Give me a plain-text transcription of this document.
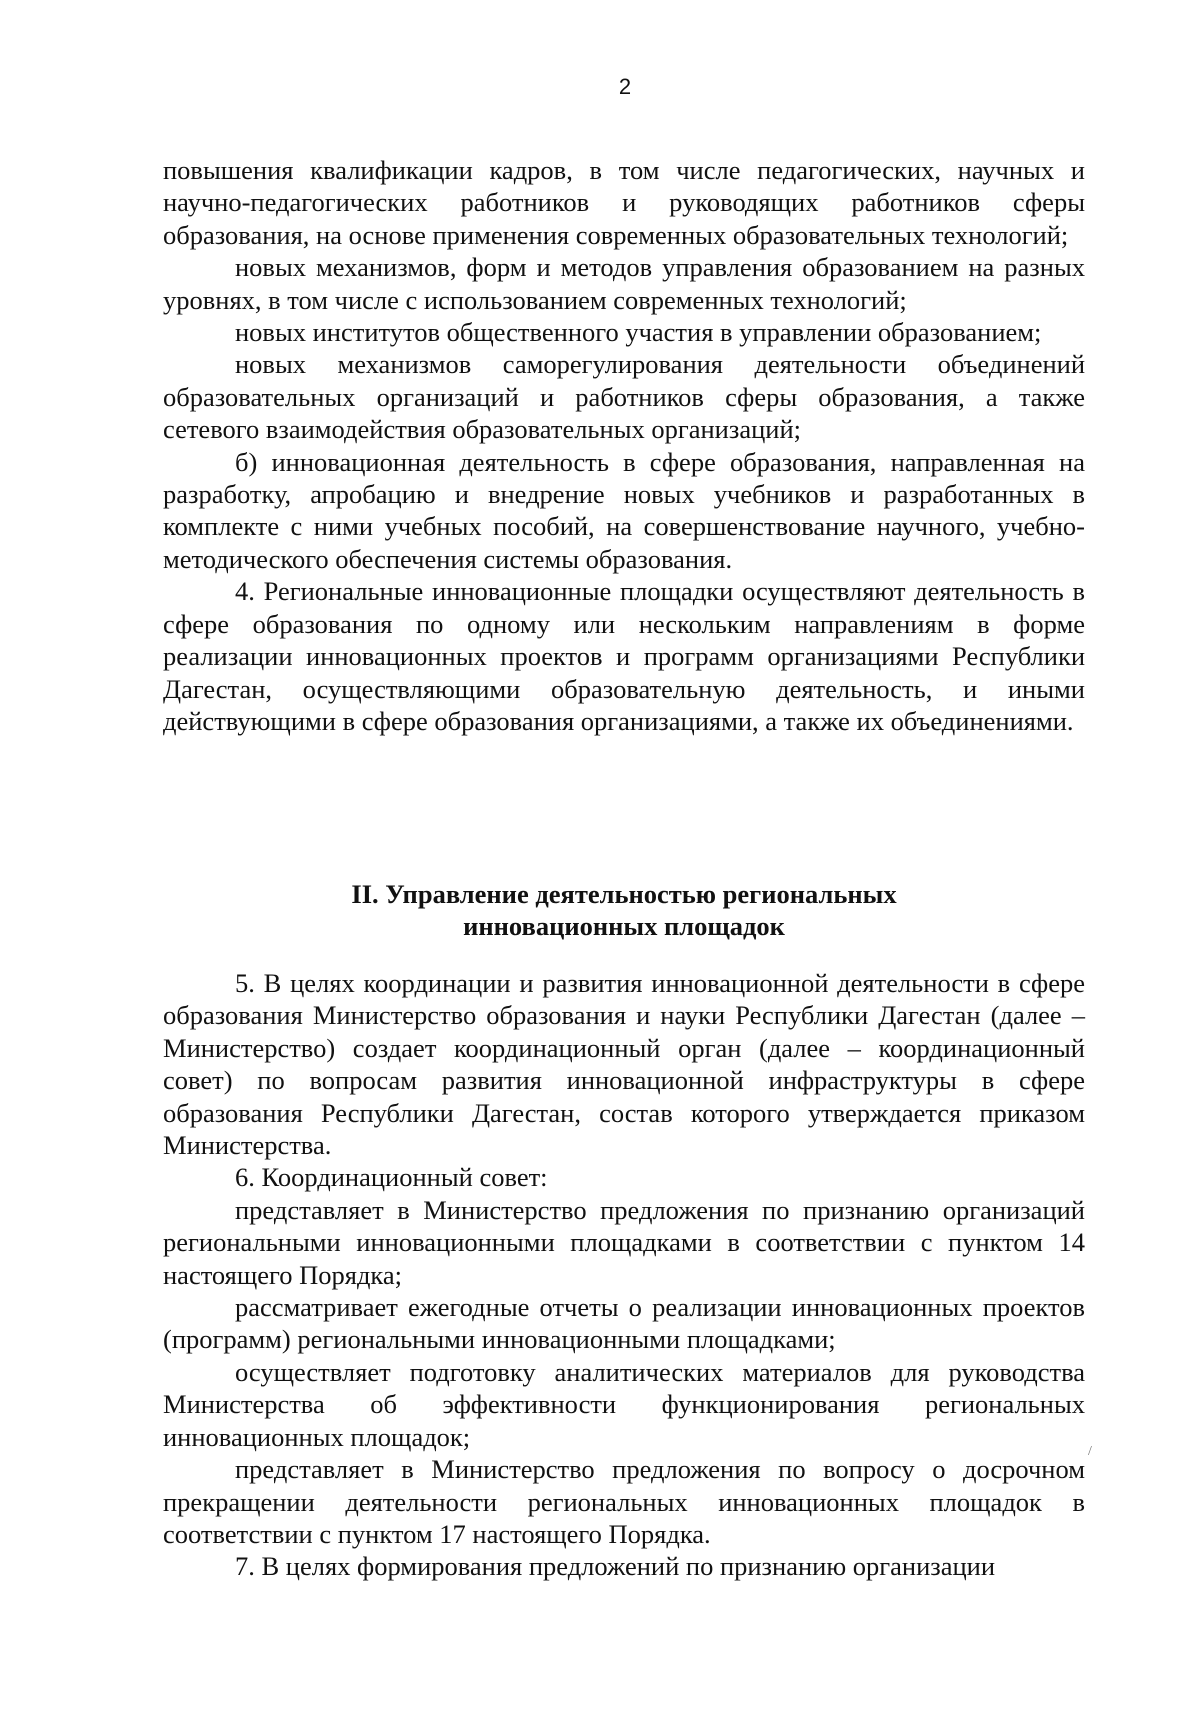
2

повышения квалификации кадров, в том числе педагогических, научных и научно-педагогических работников и руководящих работников сферы образования, на основе применения современных образовательных технологий;

новых механизмов, форм и методов управления образованием на разных уровнях, в том числе с использованием современных технологий;

новых институтов общественного участия в управлении образованием;

новых механизмов саморегулирования деятельности объединений образовательных организаций и работников сферы образования, а также сетевого взаимодействия образовательных организаций;

б) инновационная деятельность в сфере образования, направленная на разработку, апробацию и внедрение новых учебников и разработанных в комплекте с ними учебных пособий, на совершенствование научного, учебно-методического обеспечения системы образования.

4. Региональные инновационные площадки осуществляют деятельность в сфере образования по одному или нескольким направлениям в форме реализации инновационных проектов и программ организациями Республики Дагестан, осуществляющими образовательную деятельность, и иными действующими в сфере образования организациями, а также их объединениями.

II. Управление деятельностью региональных
инновационных площадок

5. В целях координации и развития инновационной деятельности в сфере образования Министерство образования и науки Республики Дагестан (далее – Министерство) создает координационный орган (далее – координационный совет) по вопросам развития инновационной инфраструктуры в сфере образования Республики Дагестан, состав которого утверждается приказом Министерства.

6. Координационный совет:

представляет в Министерство предложения по признанию организаций региональными инновационными площадками в соответствии с пунктом 14 настоящего Порядка;

рассматривает ежегодные отчеты о реализации инновационных проектов (программ) региональными инновационными площадками;

осуществляет подготовку аналитических материалов для руководства Министерства об эффективности функционирования региональных инновационных площадок;

представляет в Министерство предложения по вопросу о досрочном прекращении деятельности региональных инновационных площадок в соответствии с пунктом 17 настоящего Порядка.

7. В целях формирования предложений по признанию организации

/
